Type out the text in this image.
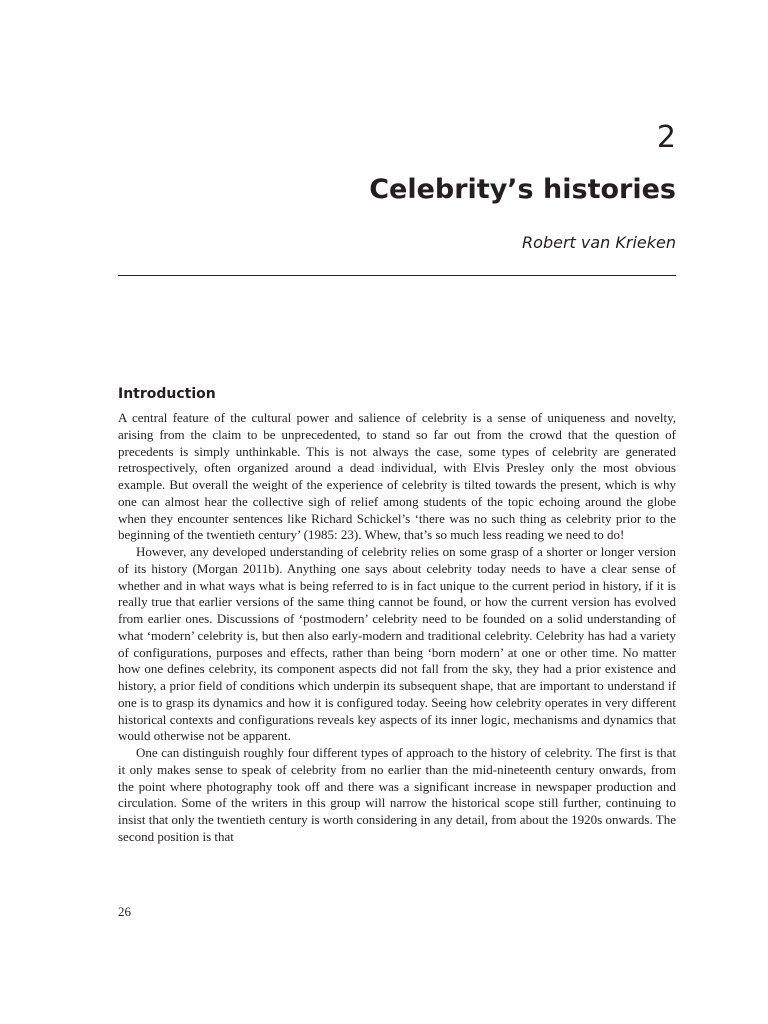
2
Celebrity’s histories
Robert van Krieken
Introduction

A central feature of the cultural power and salience of celebrity is a sense of uniqueness and novelty, arising from the claim to be unprecedented, to stand so far out from the crowd that the question of precedents is simply unthinkable. This is not always the case, some types of celebrity are generated retrospectively, often organized around a dead individual, with Elvis Presley only the most obvious example. But overall the weight of the experience of celebrity is tilted towards the present, which is why one can almost hear the collective sigh of relief among students of the topic echoing around the globe when they encounter sentences like Richard Schickel’s ‘there was no such thing as celebrity prior to the beginning of the twentieth century’ (1985: 23). Whew, that’s so much less reading we need to do!

However, any developed understanding of celebrity relies on some grasp of a shorter or longer version of its history (Morgan 2011b). Anything one says about celebrity today needs to have a clear sense of whether and in what ways what is being referred to is in fact unique to the current period in history, if it is really true that earlier versions of the same thing cannot be found, or how the current version has evolved from earlier ones. Discussions of ‘postmodern’ celebrity need to be founded on a solid understanding of what ‘modern’ celebrity is, but then also early-modern and traditional celebrity. Celebrity has had a variety of configurations, purposes and effects, rather than being ‘born modern’ at one or other time. No matter how one defines celebrity, its component aspects did not fall from the sky, they had a prior existence and history, a prior field of conditions which underpin its subsequent shape, that are important to understand if one is to grasp its dynamics and how it is configured today. Seeing how celebrity operates in very different historical contexts and configurations reveals key aspects of its inner logic, mechanisms and dynamics that would otherwise not be apparent.

One can distinguish roughly four different types of approach to the history of celebrity. The first is that it only makes sense to speak of celebrity from no earlier than the mid-nineteenth century onwards, from the point where photography took off and there was a significant increase in newspaper production and circulation. Some of the writers in this group will narrow the historical scope still further, continuing to insist that only the twentieth century is worth considering in any detail, from about the 1920s onwards. The second position is that

26
